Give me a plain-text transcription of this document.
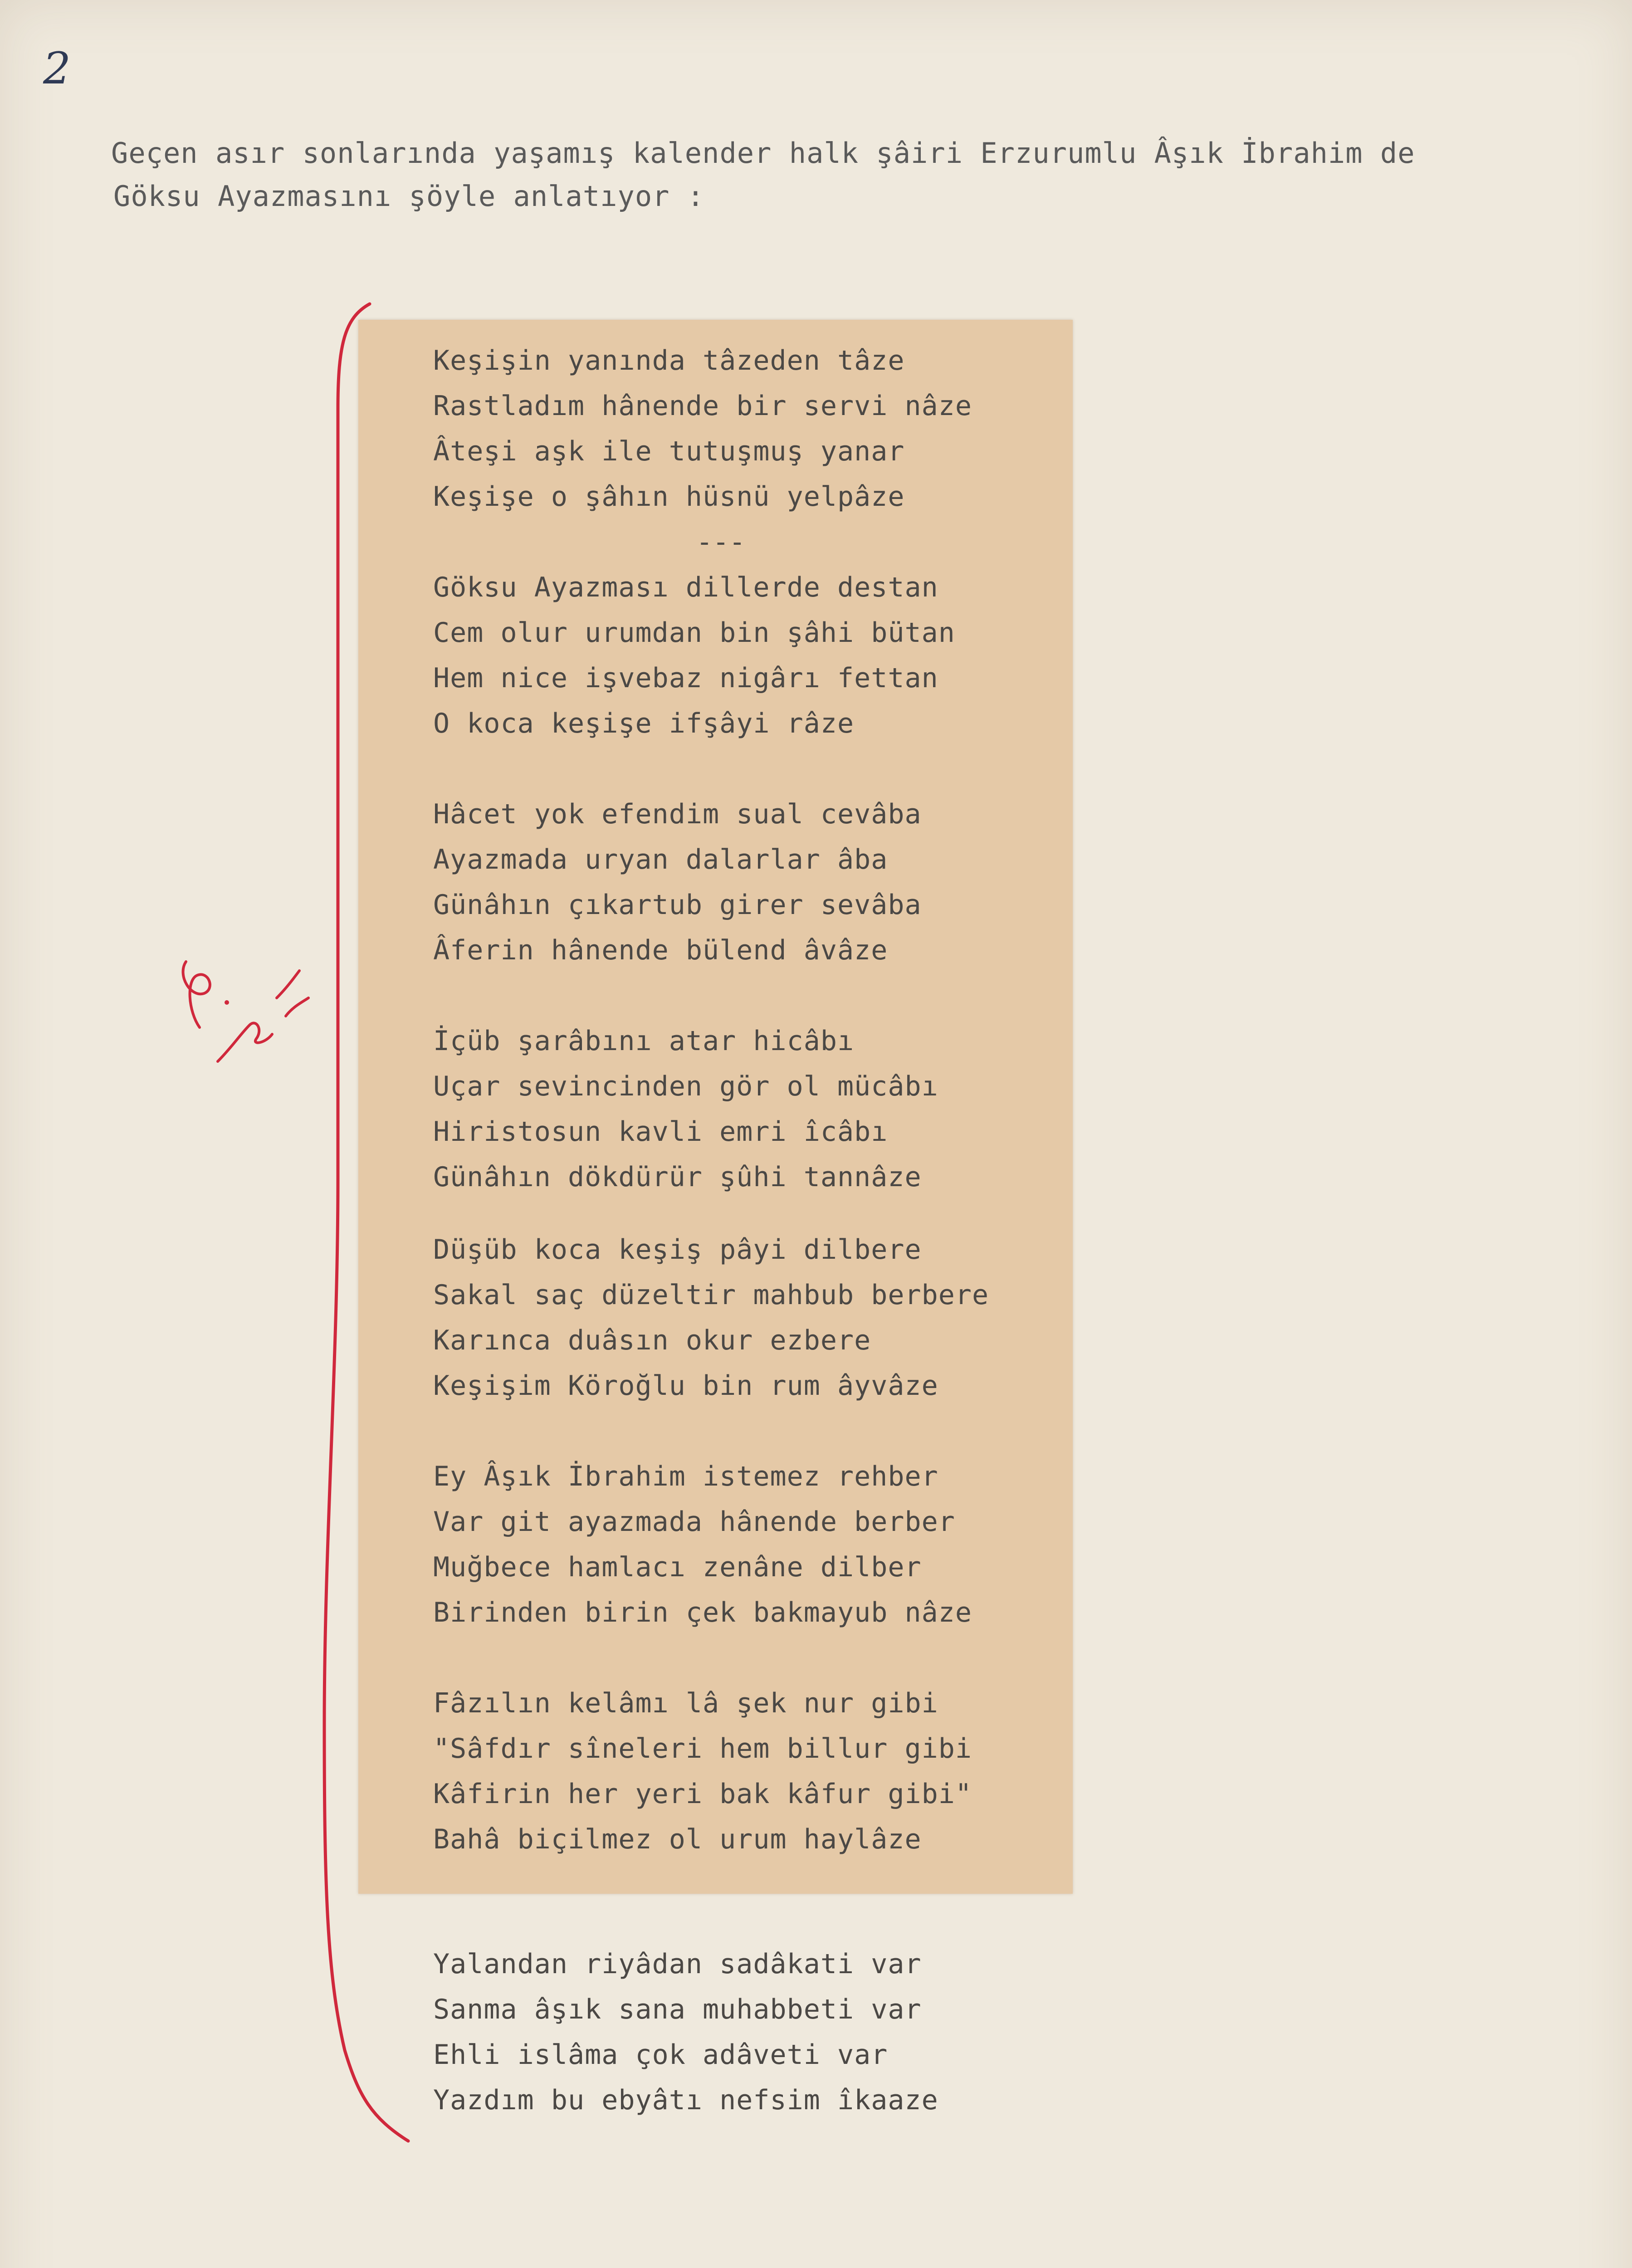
2
Geçen asır sonlarında yaşamış kalender halk şâiri Erzurumlu Âşık İbrahim de
Göksu Ayazmasını şöyle anlatıyor :
Keşişin yanında tâzeden tâze
Rastladım hânende bir servi nâze
Âteşi aşk ile tutuşmuş yanar
Keşişe o şâhın hüsnü yelpâze
---
Göksu Ayazması dillerde destan
Cem olur urumdan bin şâhi bütan
Hem nice işvebaz nigârı fettan
O koca keşişe ifşâyi râze
Hâcet yok efendim sual cevâba
Ayazmada uryan dalarlar âba
Günâhın çıkartub girer sevâba
Âferin hânende bülend âvâze
İçüb şarâbını atar hicâbı
Uçar sevincinden gör ol mücâbı
Hiristosun kavli emri îcâbı
Günâhın dökdürür şûhi tannâze
Düşüb koca keşiş pâyi dilbere
Sakal saç düzeltir mahbub berbere
Karınca duâsın okur ezbere
Keşişim Köroğlu bin rum âyvâze
Ey Âşık İbrahim istemez rehber
Var git ayazmada hânende berber
Muğbece hamlacı zenâne dilber
Birinden birin çek bakmayub nâze
Fâzılın kelâmı lâ şek nur gibi
"Sâfdır sîneleri hem billur gibi
Kâfirin her yeri bak kâfur gibi"
Bahâ biçilmez ol urum haylâze
Yalandan riyâdan sadâkati var
Sanma âşık sana muhabbeti var
Ehli islâma çok adâveti var
Yazdım bu ebyâtı nefsim îkaaze
